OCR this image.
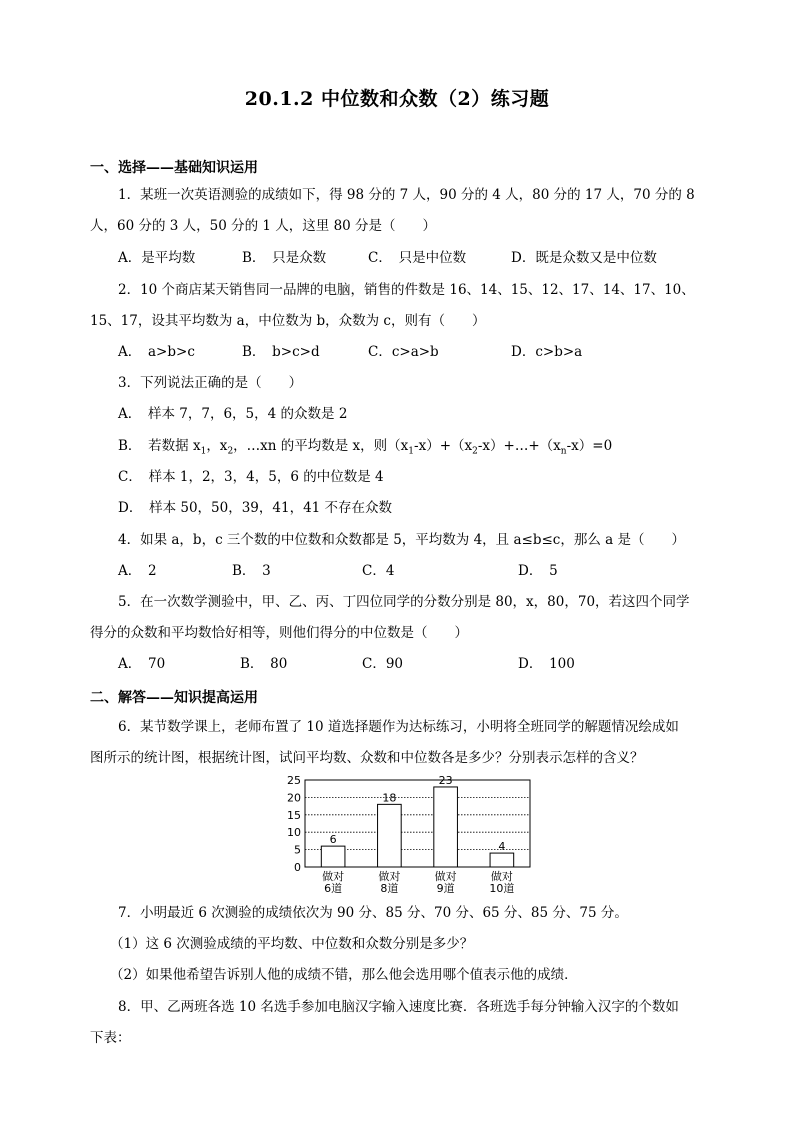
20.1.2 中位数和众数（2）练习题
一、选择——基础知识运用
1．某班一次英语测验的成绩如下，得 98 分的 7 人，90 分的 4 人，80 分的 17 人，70 分的 8
人，60 分的 3 人，50 分的 1 人，这里 80 分是（　　）
A．是平均数	B．　只是众数	C．　只是中位数	D．既是众数又是中位数
2．10 个商店某天销售同一品牌的电脑，销售的件数是 16、14、15、12、17、14、17、10、
15、17，设其平均数为 a，中位数为 b，众数为 c，则有（　　）
A．　a>b>c	B．　b>c>d	C．c>a>b	D．c>b>a
3．下列说法正确的是（　　）
A．　样本 7，7，6，5，4 的众数是 2
B．　若数据 $x_1$，$x_2$，…xn 的平均数是 x，则$(x_1-x)+(x_2-x)+\dots+(x_n-x)=0$
C．　样本 1，2，3，4，5，6 的中位数是 4
D．　样本 50，50，39，41，41 不存在众数
4．如果 a，b，c 三个数的中位数和众数都是 5，平均数为 4，且 a≤b≤c，那么 a 是（　　）
A．　2	B．　3	C．4	D．　5
5．在一次数学测验中，甲、乙、丙、丁四位同学的分数分别是 80，x，80，70，若这四个同学
得分的众数和平均数恰好相等，则他们得分的中位数是（　　）
A．　70	B．　80	C．90	D．　100
二、解答——知识提高运用
6．某节数学课上，老师布置了 10 道选择题作为达标练习，小明将全班同学的解题情况绘成如
图所示的统计图，根据统计图，试问平均数、众数和中位数各是多少？分别表示怎样的含义？
0
5
10
15
20
25
6
做对
6道
18
做对
8道
23
做对
9道
4
做对
10道
7．小明最近 6 次测验的成绩依次为 90 分、85 分、70 分、65 分、85 分、75 分。
（1）这 6 次测验成绩的平均数、中位数和众数分别是多少？
（2）如果他希望告诉别人他的成绩不错，那么他会选用哪个值表示他的成绩．
8．甲、乙两班各选 10 名选手参加电脑汉字输入速度比赛．各班选手每分钟输入汉字的个数如
下表：
